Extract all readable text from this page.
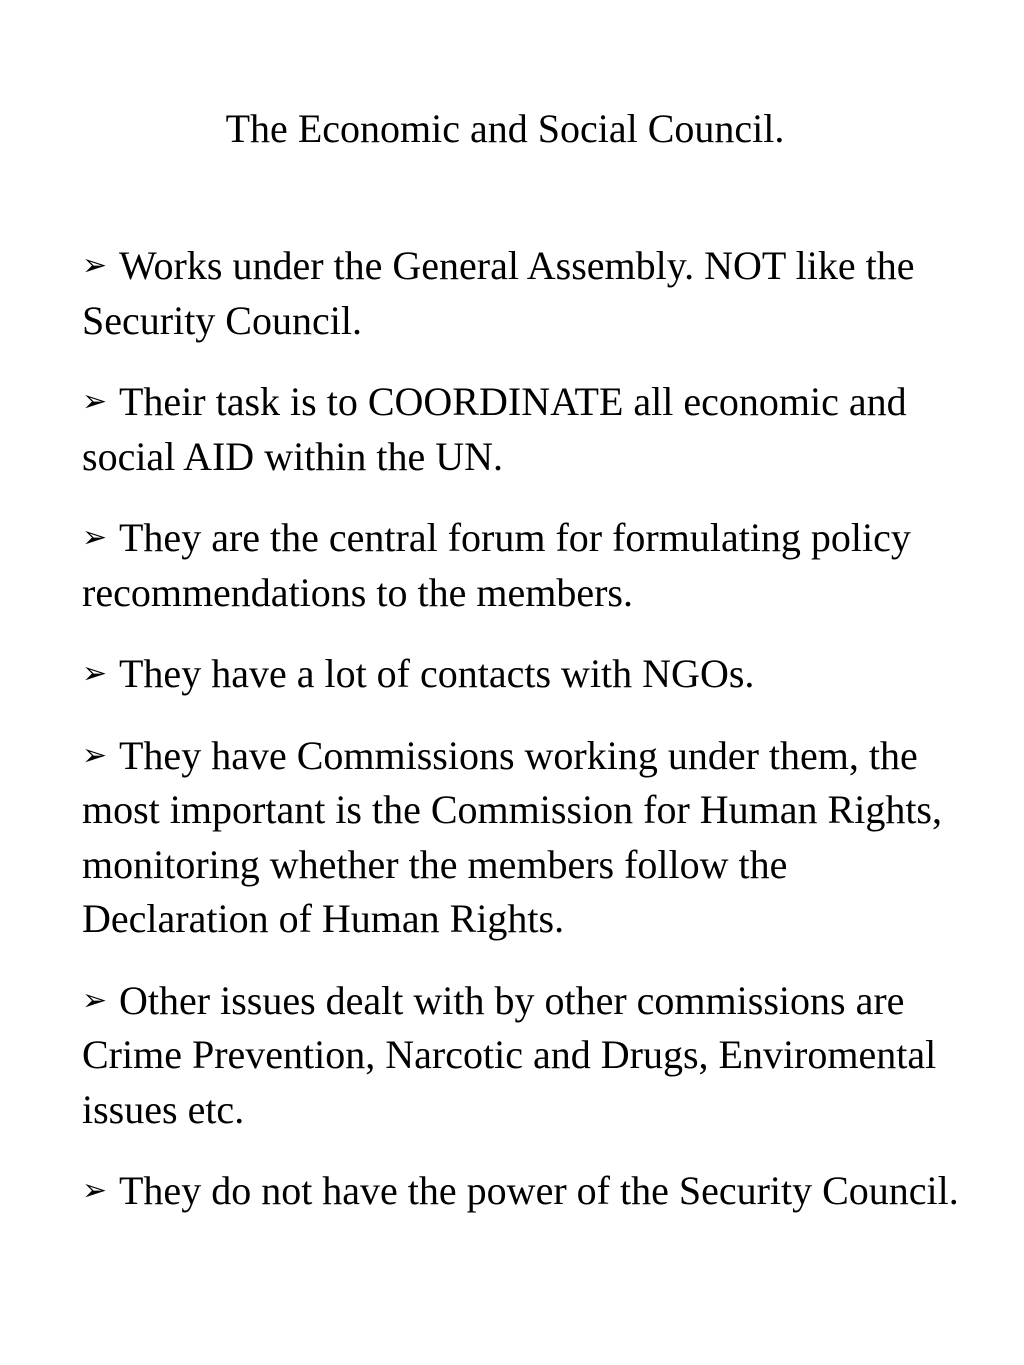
The Economic and Social Council.
➢ Works under the General Assembly. NOT like the Security Council.
➢ Their task is to COORDINATE all economic and social AID within the UN.
➢ They are the central forum for formulating policy recommendations to the members.
➢ They have a lot of contacts with NGOs.
➢ They have Commissions working under them, the most important is the Commission for Human Rights, monitoring whether the members follow the Declaration of Human Rights.
➢ Other issues dealt with by other commissions are Crime Prevention, Narcotic and Drugs, Enviromental issues etc.
➢ They do not have the power of the Security Council.
